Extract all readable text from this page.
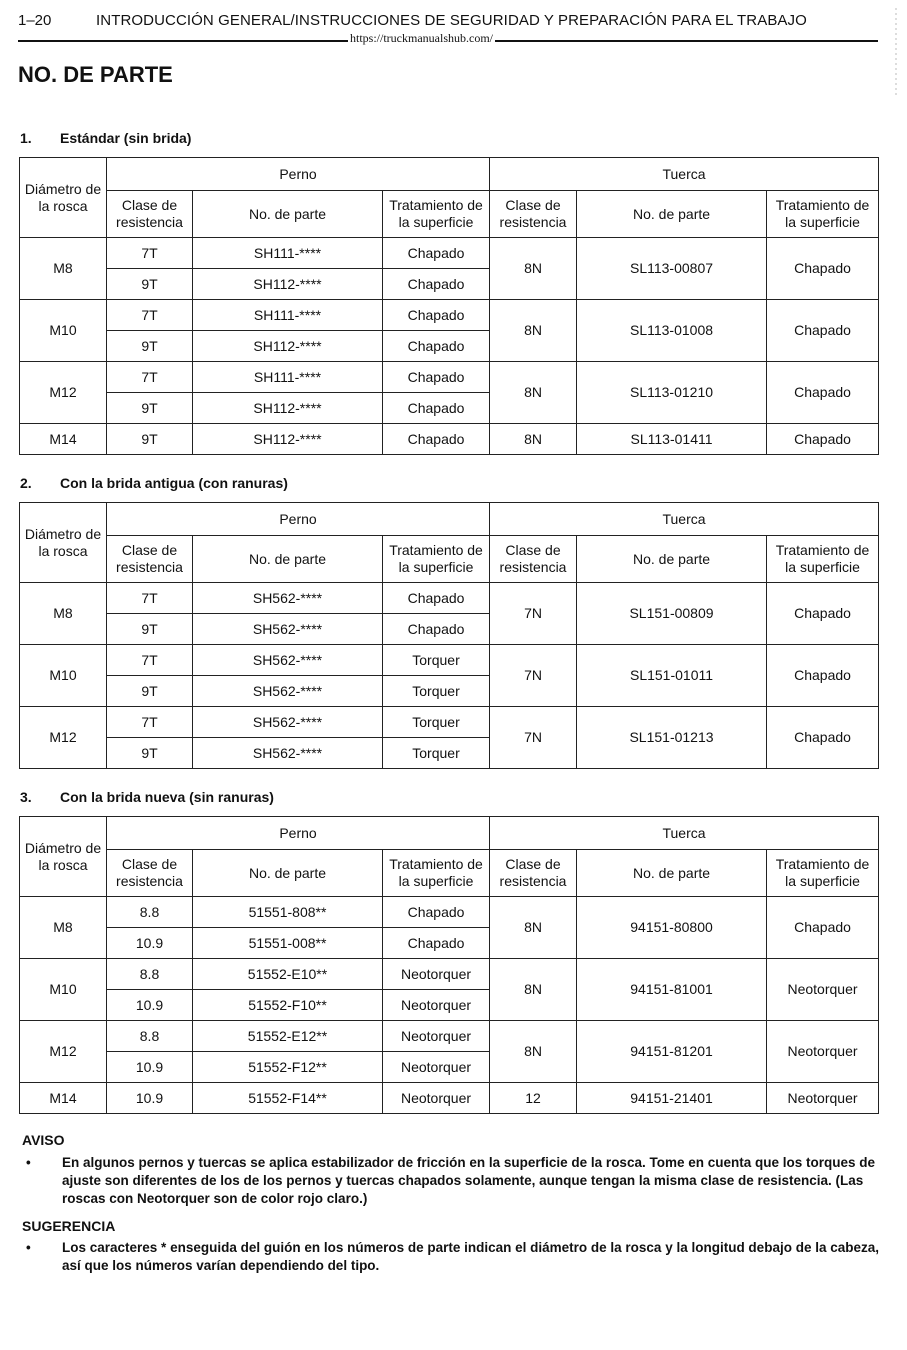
1–20	INTRODUCCIÓN GENERAL/INSTRUCCIONES DE SEGURIDAD Y PREPARACIÓN PARA EL TRABAJO
https://truckmanualshub.com/
NO. DE PARTE
1. Estándar (sin brida)
Diámetro de la rosca	Perno			Tuerca		
	Clase de resistencia	No. de parte	Tratamiento de la superficie	Clase de resistencia	No. de parte	Tratamiento de la superficie
M8	7T	SH111-****	Chapado	8N	SL113-00807	Chapado
	9T	SH112-****	Chapado			
M10	7T	SH111-****	Chapado	8N	SL113-01008	Chapado
	9T	SH112-****	Chapado			
M12	7T	SH111-****	Chapado	8N	SL113-01210	Chapado
	9T	SH112-****	Chapado			
M14	9T	SH112-****	Chapado	8N	SL113-01411	Chapado
2. Con la brida antigua (con ranuras)
Diámetro de la rosca	Perno			Tuerca		
	Clase de resistencia	No. de parte	Tratamiento de la superficie	Clase de resistencia	No. de parte	Tratamiento de la superficie
M8	7T	SH562-****	Chapado	7N	SL151-00809	Chapado
	9T	SH562-****	Chapado			
M10	7T	SH562-****	Torquer	7N	SL151-01011	Chapado
	9T	SH562-****	Torquer			
M12	7T	SH562-****	Torquer	7N	SL151-01213	Chapado
	9T	SH562-****	Torquer			
3. Con la brida nueva (sin ranuras)
Diámetro de la rosca	Perno			Tuerca		
	Clase de resistencia	No. de parte	Tratamiento de la superficie	Clase de resistencia	No. de parte	Tratamiento de la superficie
M8	8.8	51551-808**	Chapado	8N	94151-80800	Chapado
	10.9	51551-008**	Chapado			
M10	8.8	51552-E10**	Neotorquer	8N	94151-81001	Neotorquer
	10.9	51552-F10**	Neotorquer			
M12	8.8	51552-E12**	Neotorquer	8N	94151-81201	Neotorquer
	10.9	51552-F12**	Neotorquer			
M14	10.9	51552-F14**	Neotorquer	12	94151-21401	Neotorquer
AVISO
• En algunos pernos y tuercas se aplica estabilizador de fricción en la superficie de la rosca. Tome en cuenta que los torques de ajuste son diferentes de los de los pernos y tuercas chapados solamente, aunque tengan la misma clase de resistencia. (Las roscas con Neotorquer son de color rojo claro.)
SUGERENCIA
• Los caracteres * enseguida del guión en los números de parte indican el diámetro de la rosca y la longitud debajo de la cabeza, así que los números varían dependiendo del tipo.
